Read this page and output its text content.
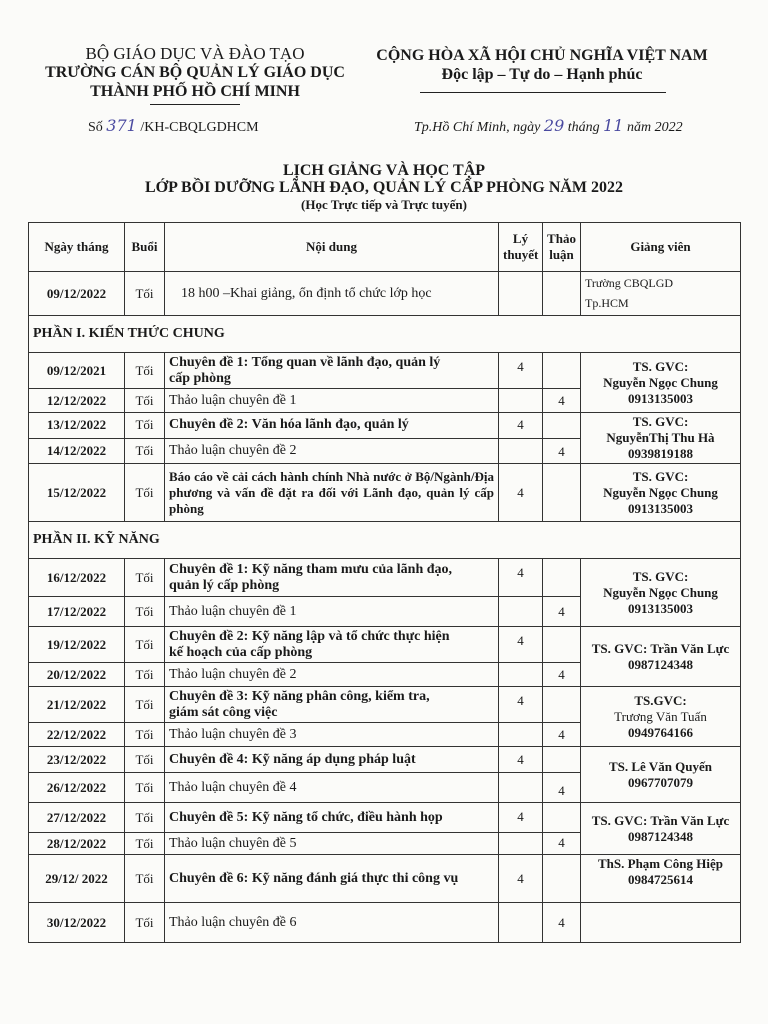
BỘ GIÁO DỤC VÀ ĐÀO TẠO
TRƯỜNG CÁN BỘ QUẢN LÝ GIÁO DỤC
THÀNH PHỐ HỒ CHÍ MINH
CỘNG HÒA XÃ HỘI CHỦ NGHĨA VIỆT NAM
Độc lập – Tự do – Hạnh phúc
Số 371 /KH-CBQLGDHCM	Tp.Hồ Chí Minh, ngày 29 tháng 11 năm 2022
LỊCH GIẢNG VÀ HỌC TẬP
LỚP BỒI DƯỠNG LÃNH ĐẠO, QUẢN LÝ CẤP PHÒNG NĂM 2022
(Học Trực tiếp và Trực tuyến)
Ngày tháng	Buổi	Nội dung	Lý
thuyết	Thảo
luận	Giảng viên
09/12/2022	Tối	18 h00 –Khai giảng, ổn định tổ chức lớp học			Trường CBQLGD
Tp.HCM
PHẦN I. KIẾN THỨC CHUNG					
09/12/2021	Tối	Chuyên đề 1: Tổng quan về lãnh đạo, quản lý
cấp phòng	4		TS. GVC:
Nguyễn Ngọc Chung
0913135003
12/12/2022	Tối	Thảo luận chuyên đề 1		4	
13/12/2022	Tối	Chuyên đề 2: Văn hóa lãnh đạo, quản lý	4		TS. GVC:
NguyễnThị Thu Hà
0939819188
14/12/2022	Tối	Thảo luận chuyên đề 2		4	
15/12/2022	Tối	Báo cáo về cải cách hành chính Nhà nước ở Bộ/Ngành/Địa phương và vấn đề đặt ra đối với Lãnh đạo, quản lý cấp phòng	4		TS. GVC:
Nguyễn Ngọc Chung
0913135003
PHẦN II. KỸ NĂNG					
16/12/2022	Tối	Chuyên đề 1: Kỹ năng tham mưu của lãnh đạo,
quản lý cấp phòng	4		TS. GVC:
Nguyễn Ngọc Chung
0913135003
17/12/2022	Tối	Thảo luận chuyên đề 1		4	
19/12/2022	Tối	Chuyên đề 2: Kỹ năng lập và tổ chức thực hiện
kế hoạch của cấp phòng	4		TS. GVC: Trần Văn Lực
0987124348
20/12/2022	Tối	Thảo luận chuyên đề 2		4	
21/12/2022	Tối	Chuyên đề 3: Kỹ năng phân công, kiểm tra,
giám sát công việc	4		TS.GVC:
Trương Văn Tuấn
0949764166
22/12/2022	Tối	Thảo luận chuyên đề 3		4	
23/12/2022	Tối	Chuyên đề 4: Kỹ năng áp dụng pháp luật	4		TS. Lê Văn Quyến
0967707079
26/12/2022	Tối	Thảo luận chuyên đề 4		4	
27/12/2022	Tối	Chuyên đề 5: Kỹ năng tổ chức, điều hành họp	4		TS. GVC: Trần Văn Lực
0987124348
28/12/2022	Tối	Thảo luận chuyên đề 5		4	
29/12/ 2022	Tối	Chuyên đề 6: Kỹ năng đánh giá thực thi công vụ	4		ThS. Phạm Công Hiệp
0984725614
30/12/2022	Tối	Thảo luận chuyên đề 6		4	
